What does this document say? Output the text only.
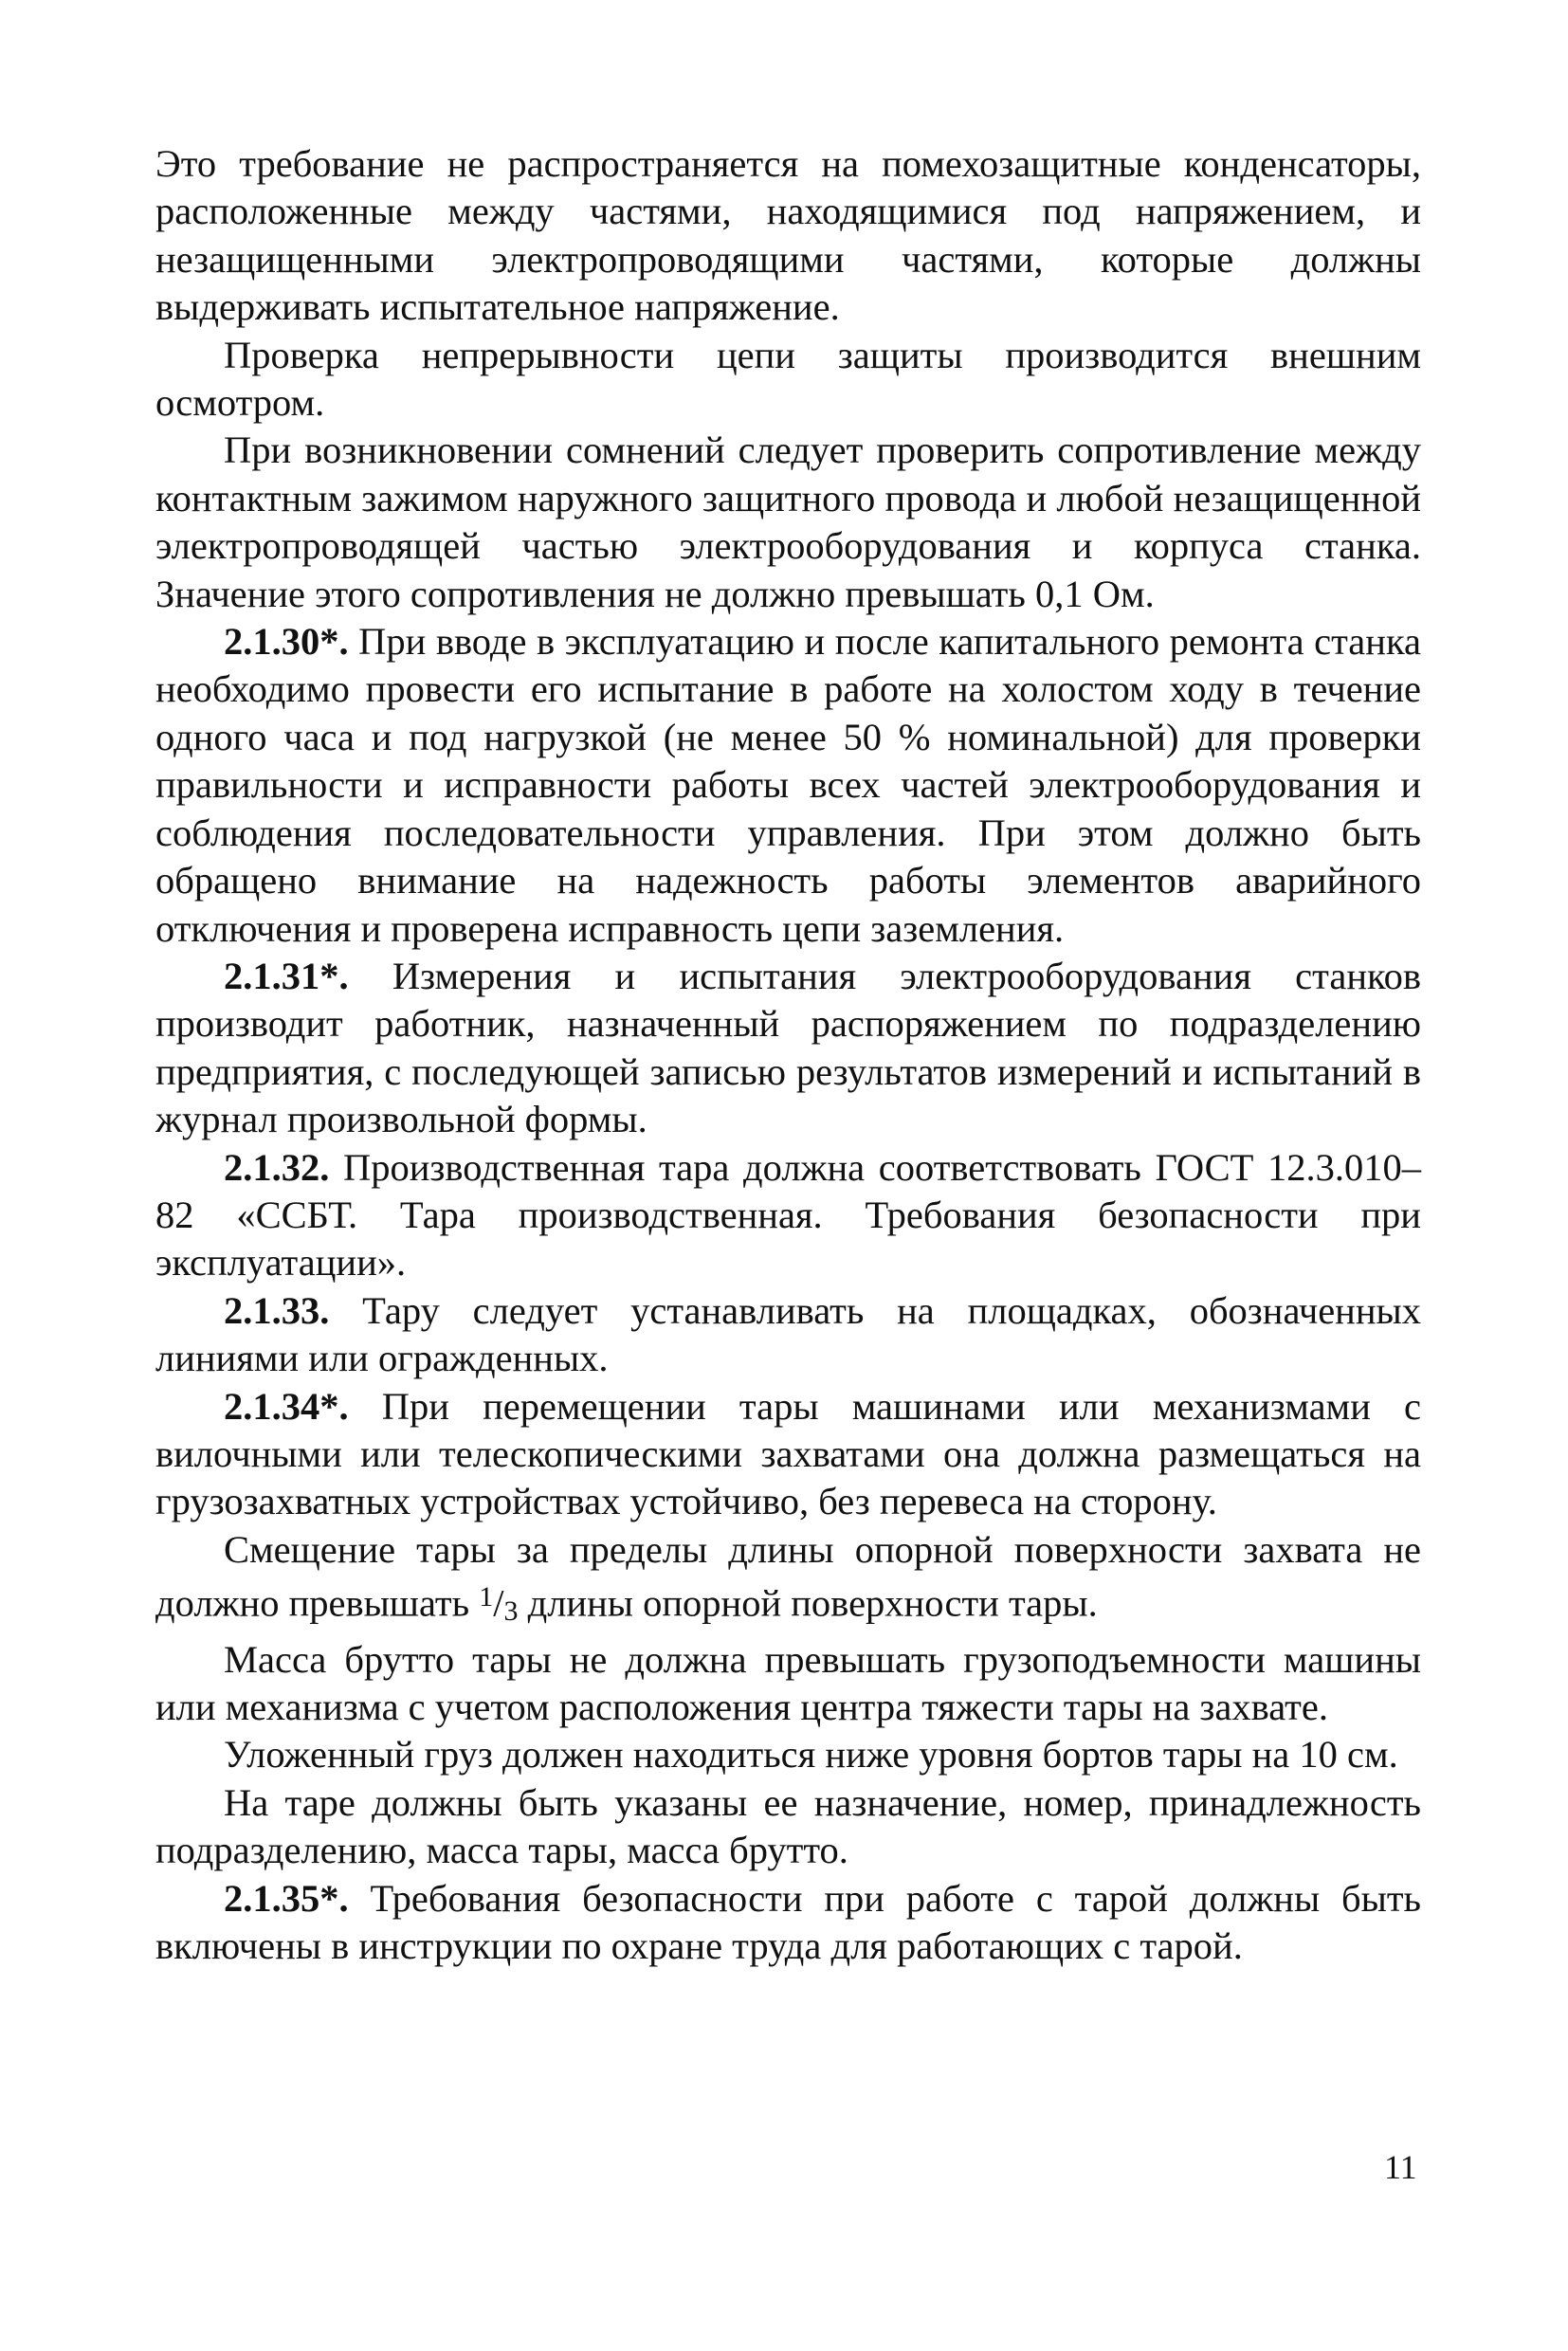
Это требование не распространяется на помехозащитные конденсаторы, расположенные между частями, находящимися под напряжением, и незащищенными электропроводящими частями, которые должны выдерживать испытательное напряжение.

Проверка непрерывности цепи защиты производится внешним осмотром.

При возникновении сомнений следует проверить сопротивление между контактным зажимом наружного защитного провода и любой незащищенной электропроводящей частью электрооборудования и корпуса станка. Значение этого сопротивления не должно превышать 0,1 Ом.

2.1.30*. При вводе в эксплуатацию и после капитального ремонта станка необходимо провести его испытание в работе на холостом ходу в течение одного часа и под нагрузкой (не менее 50 % номинальной) для проверки правильности и исправности работы всех частей электрооборудования и соблюдения последовательности управления. При этом должно быть обращено внимание на надежность работы элементов аварийного отключения и проверена исправность цепи заземления.

2.1.31*. Измерения и испытания электрооборудования станков производит работник, назначенный распоряжением по подразделению предприятия, с последующей записью результатов измерений и испытаний в журнал произвольной формы.

2.1.32. Производственная тара должна соответствовать ГОСТ 12.3.010–82 «ССБТ. Тара производственная. Требования безопасности при эксплуатации».

2.1.33. Тару следует устанавливать на площадках, обозначенных линиями или огражденных.

2.1.34*. При перемещении тары машинами или механизмами с вилочными или телескопическими захватами она должна размещаться на грузозахватных устройствах устойчиво, без перевеса на сторону.

Смещение тары за пределы длины опорной поверхности захвата не должно превышать $^1$/3 длины опорной поверхности тары.

Масса брутто тары не должна превышать грузоподъемности машины или механизма с учетом расположения центра тяжести тары на захвате.

Уложенный груз должен находиться ниже уровня бортов тары на 10 см.

На таре должны быть указаны ее назначение, номер, принадлежность подразделению, масса тары, масса брутто.

2.1.35*. Требования безопасности при работе с тарой должны быть включены в инструкции по охране труда для работающих с тарой.

11
